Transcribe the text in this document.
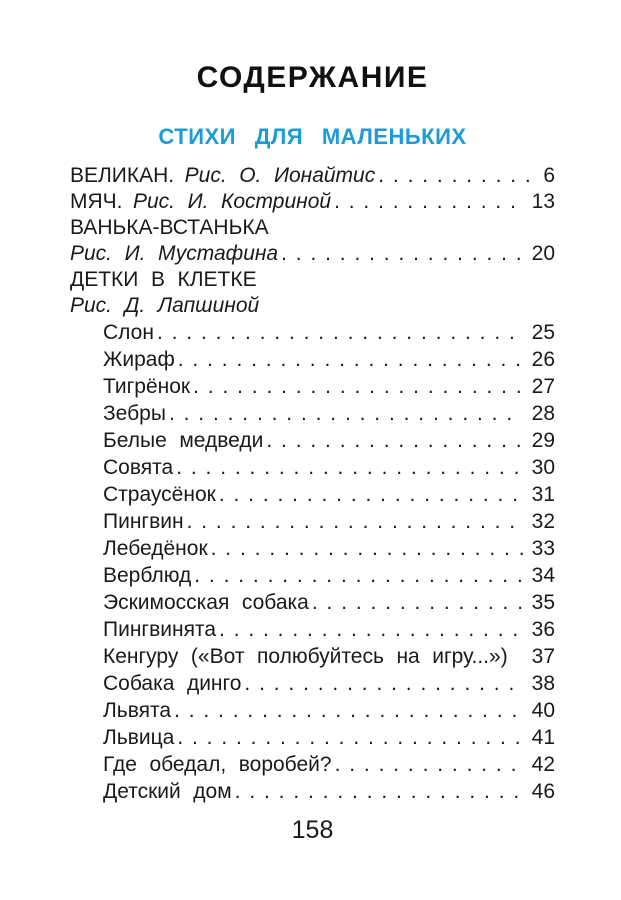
СОДЕРЖАНИЕ
СТИХИ ДЛЯ МАЛЕНЬКИХ
ВЕЛИКАН. Рис. О. Ионайтис . . .	6
МЯЧ. Рис. И. Костриной . . .	13
ВАНЬКА-ВСТАНЬКА
Рис. И. Мустафина . . .	20
ДЕТКИ В КЛЕТКЕ
Рис. Д. Лапшиной
Слон . . .	25
Жираф . . .	26
Тигрёнок . . .	27
Зебры . . .	28
Белые медведи . . .	29
Совята . . .	30
Страусёнок . . .	31
Пингвин . . .	32
Лебедёнок . . .	33
Верблюд . . .	34
Эскимосская собака . . .	35
Пингвинята . . .	36
Кенгуру («Вот полюбуйтесь на игру...») 37
Собака динго . . .	38
Львята . . .	40
Львица . . .	41
Где обедал, воробей? . . .	42
Детский дом . . .	46
158
